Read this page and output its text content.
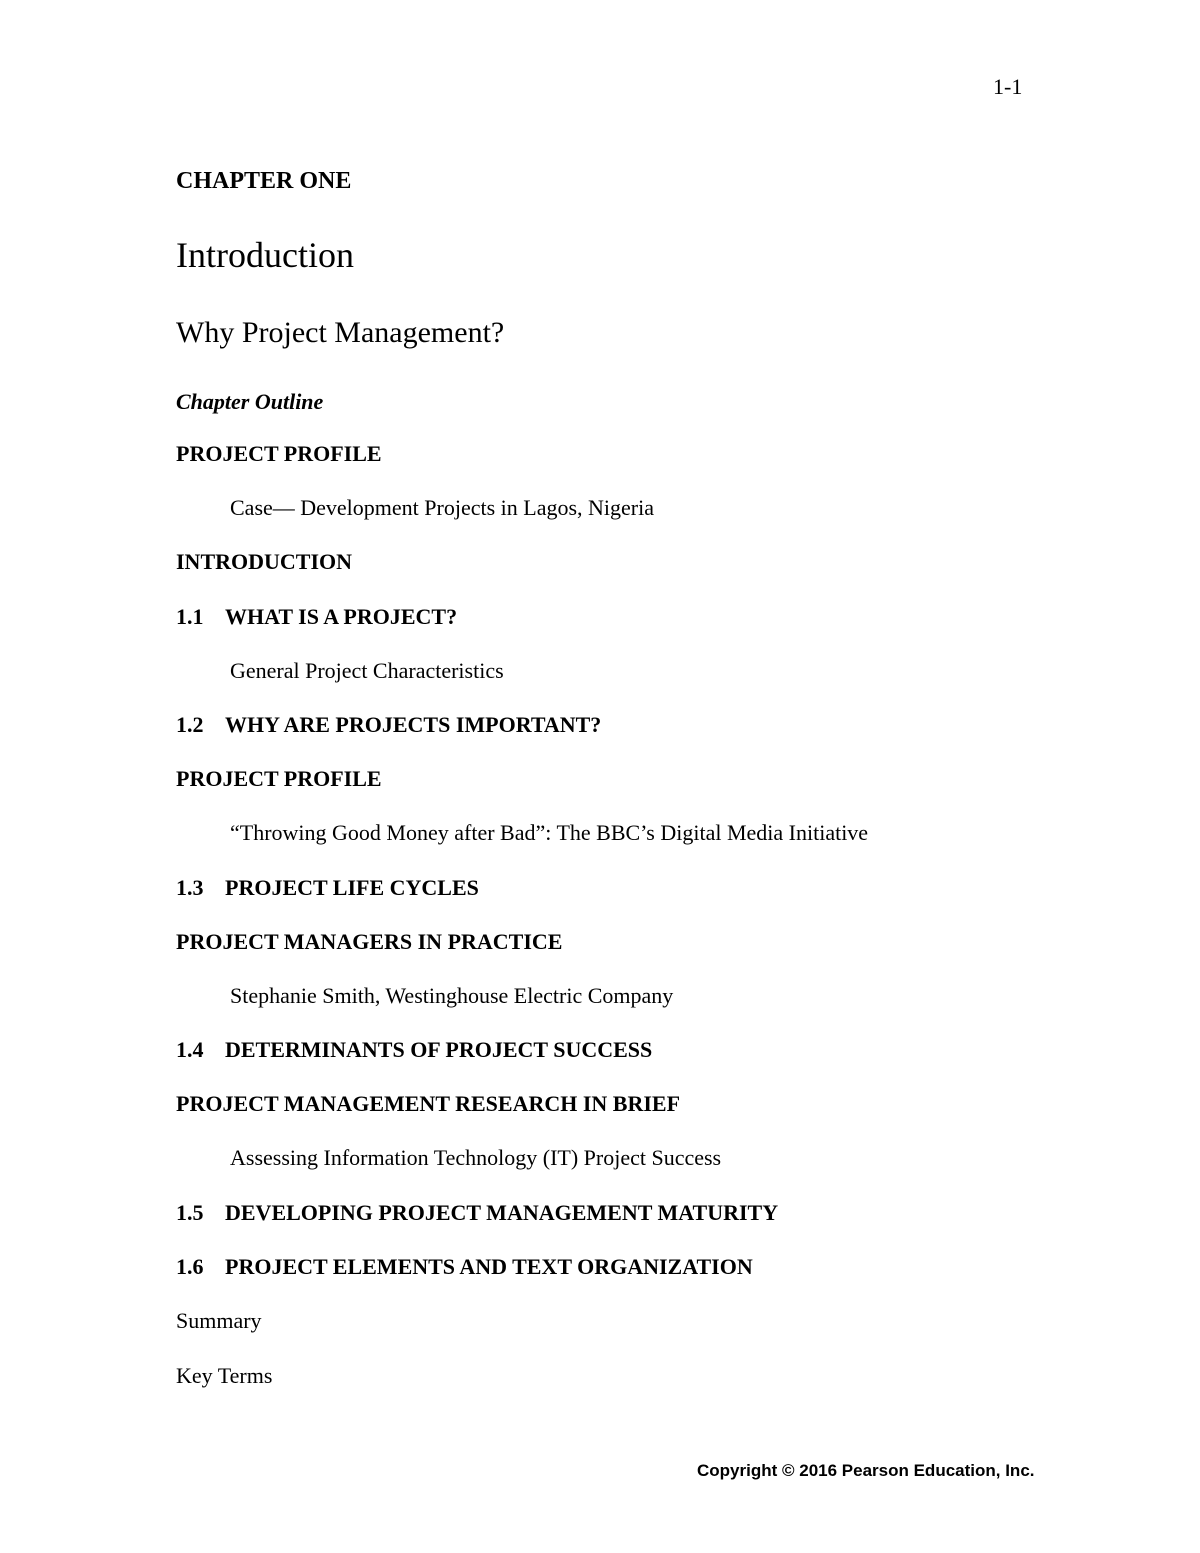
1-1
CHAPTER ONE
Introduction
Why Project Management?
Chapter Outline
PROJECT PROFILE
Case— Development Projects in Lagos, Nigeria
INTRODUCTION
1.1 WHAT IS A PROJECT?
General Project Characteristics
1.2 WHY ARE PROJECTS IMPORTANT?
PROJECT PROFILE
“Throwing Good Money after Bad”: The BBC’s Digital Media Initiative
1.3 PROJECT LIFE CYCLES
PROJECT MANAGERS IN PRACTICE
Stephanie Smith, Westinghouse Electric Company
1.4 DETERMINANTS OF PROJECT SUCCESS
PROJECT MANAGEMENT RESEARCH IN BRIEF
Assessing Information Technology (IT) Project Success
1.5 DEVELOPING PROJECT MANAGEMENT MATURITY
1.6 PROJECT ELEMENTS AND TEXT ORGANIZATION
Summary
Key Terms
Copyright © 2016 Pearson Education, Inc.
